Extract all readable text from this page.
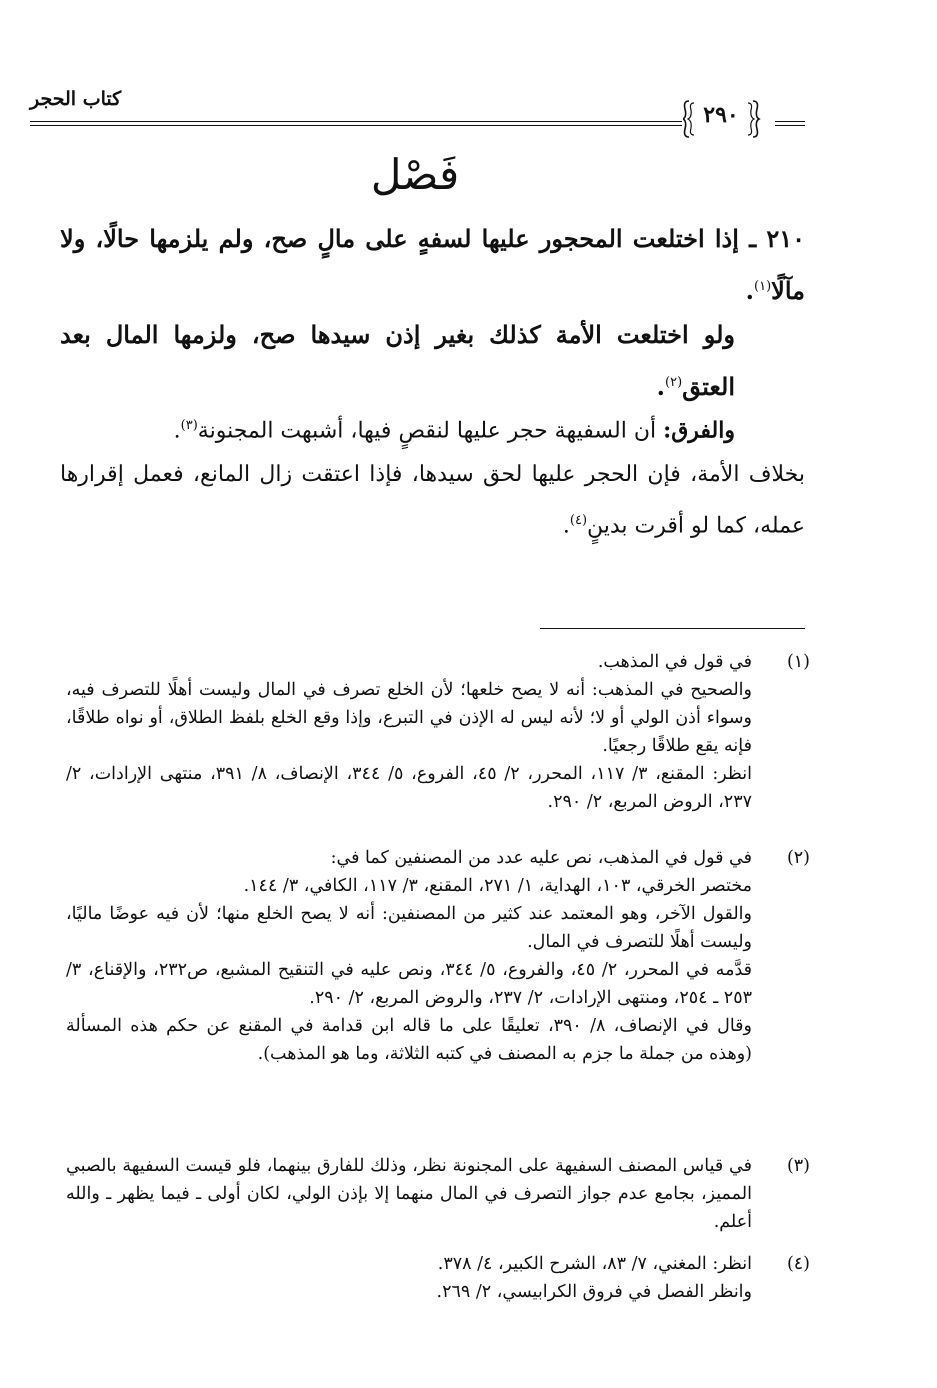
كتاب الحجر
٢٩٠
فَصْل

٢١٠ ـ إذا اختلعت المحجور عليها لسفهٍ على مالٍ صح، ولم يلزمها حالًا، ولا مآلًا$^{(١)}$.

ولو اختلعت الأمة كذلك بغير إذن سيدها صح، ولزمها المال بعد العتق$^{(٢)}$.

والفرق: أن السفيهة حجر عليها لنقصٍ فيها، أشبهت المجنونة$^{(٣)}$.

بخلاف الأمة، فإن الحجر عليها لحق سيدها، فإذا اعتقت زال المانع، فعمل إقرارها عمله، كما لو أقرت بدينٍ$^{(٤)}$.

(١)

في قول في المذهب.

والصحيح في المذهب: أنه لا يصح خلعها؛ لأن الخلع تصرف في المال وليست أهلًا للتصرف فيه، وسواء أذن الولي أو لا؛ لأنه ليس له الإذن في التبرع، وإذا وقع الخلع بلفظ الطلاق، أو نواه طلاقًا، فإنه يقع طلاقًا رجعيًا.

انظر: المقنع، ٣/ ١١٧، المحرر، ٢/ ٤٥، الفروع، ٥/ ٣٤٤، الإنصاف، ٨/ ٣٩١، منتهى الإرادات، ٢/ ٢٣٧، الروض المربع، ٢/ ٢٩٠.

(٢)

في قول في المذهب، نص عليه عدد من المصنفين كما في:

مختصر الخرقي، ١٠٣، الهداية، ١/ ٢٧١، المقنع، ٣/ ١١٧، الكافي، ٣/ ١٤٤.

والقول الآخر، وهو المعتمد عند كثير من المصنفين: أنه لا يصح الخلع منها؛ لأن فيه عوضًا ماليًا، وليست أهلًا للتصرف في المال.

قدَّمه في المحرر، ٢/ ٤٥، والفروع، ٥/ ٣٤٤، ونص عليه في التنقيح المشبع، ص٢٣٢، والإقناع، ٣/ ٢٥٣ ـ ٢٥٤، ومنتهى الإرادات، ٢/ ٢٣٧، والروض المربع، ٢/ ٢٩٠.

وقال في الإنصاف، ٨/ ٣٩٠، تعليقًا على ما قاله ابن قدامة في المقنع عن حكم هذه المسألة (وهذه من جملة ما جزم به المصنف في كتبه الثلاثة، وما هو المذهب).

(٣)

في قياس المصنف السفيهة على المجنونة نظر، وذلك للفارق بينهما، فلو قيست السفيهة بالصبي المميز، بجامع عدم جواز التصرف في المال منهما إلا بإذن الولي، لكان أولى ـ فيما يظهر ـ والله أعلم.

(٤)

انظر: المغني، ٧/ ٨٣، الشرح الكبير، ٤/ ٣٧٨.

وانظر الفصل في فروق الكرابيسي، ٢/ ٢٦٩.
